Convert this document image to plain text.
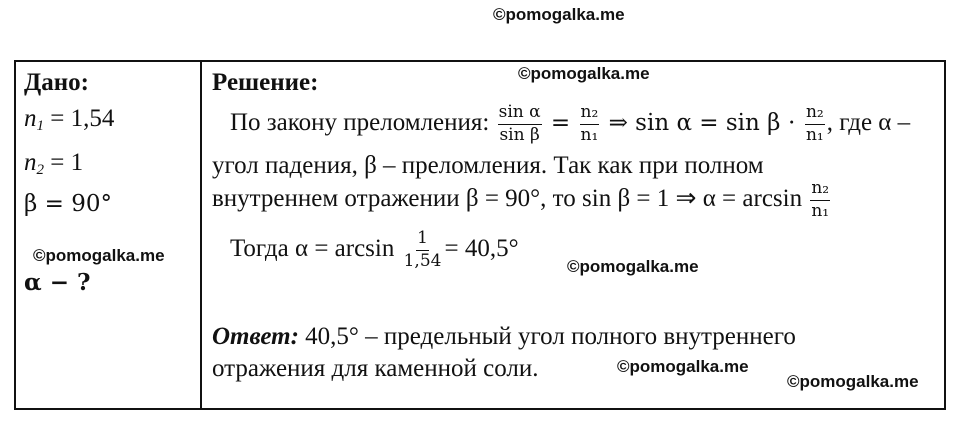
©pomogalka.me
Дано:
$n_1 = 1,54$
$n_2 = 1$
β = 90°
©pomogalka.me
α − ?
Решение:	©pomogalka.me
По закону преломления: $\frac{\text{sin α}}{\text{sin β}} = \frac{\text{n₂}}{\text{n₁}}$ ⇒ $\sin \alpha = \sin \beta \cdot \frac{\text{n₂}}{\text{n₁}}$ , где α –
угол падения, β – преломления. Так как при полном
внутреннем отражении β = 90°, то sin β = 1 ⇒ $\alpha = \arcsin \frac{\text{n₂}}{\text{n₁}}$
Тогда $\alpha = \arcsin \frac{1}{1,54} = 40,5^\circ$
©pomogalka.me
Ответ: 40,5° – предельный угол полного внутреннего
отражения для каменной соли.	©pomogalka.me
©pomogalka.me
